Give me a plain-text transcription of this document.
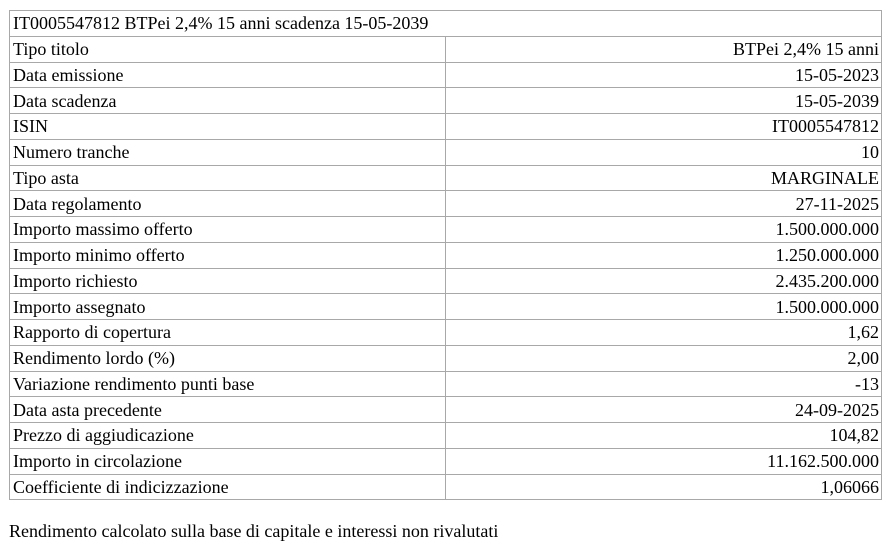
IT0005547812 BTPei 2,4% 15 anni scadenza 15-05-2039	
Tipo titolo	BTPei 2,4% 15 anni
Data emissione	15-05-2023
Data scadenza	15-05-2039
ISIN	IT0005547812
Numero tranche	10
Tipo asta	MARGINALE
Data regolamento	27-11-2025
Importo massimo offerto	1.500.000.000
Importo minimo offerto	1.250.000.000
Importo richiesto	2.435.200.000
Importo assegnato	1.500.000.000
Rapporto di copertura	1,62
Rendimento lordo (%)	2,00
Variazione rendimento punti base	-13
Data asta precedente	24-09-2025
Prezzo di aggiudicazione	104,82
Importo in circolazione	11.162.500.000
Coefficiente di indicizzazione	1,06066
Rendimento calcolato sulla base di capitale e interessi non rivalutati
